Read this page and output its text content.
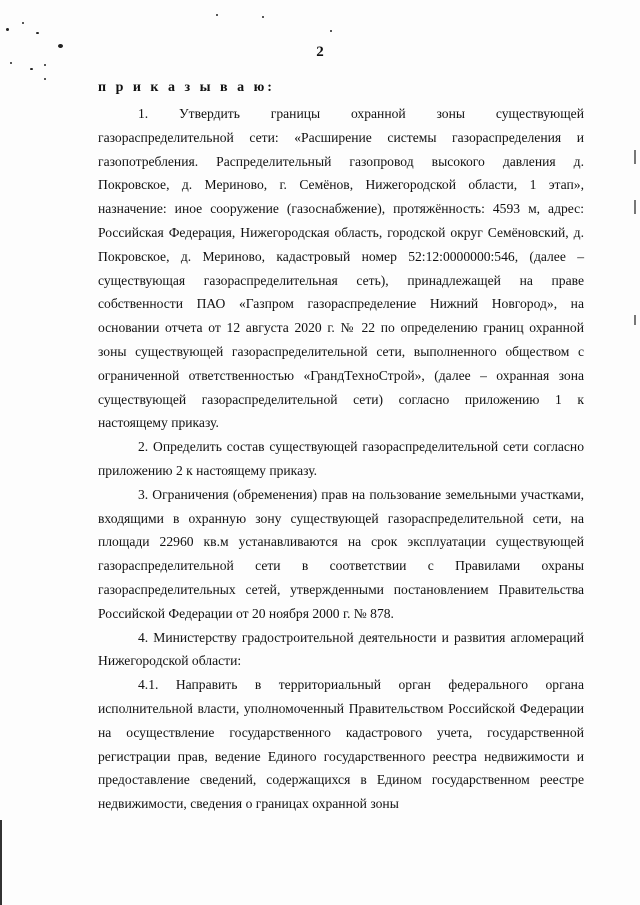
2
п р и к а з ы в а ю:

1. Утвердить границы охранной зоны существующей газораспределительной сети: «Расширение системы газораспределения и газопотребления. Распределительный газопровод высокого давления д. Покровское, д. Мериново, г. Семёнов, Нижегородской области, 1 этап», назначение: иное сооружение (газоснабжение), протяжённость: 4593 м, адрес: Российская Федерация, Нижегородская область, городской округ Семёновский, д. Покровское, д. Мериново, кадастровый номер 52:12:0000000:546, (далее – существующая газораспределительная сеть), принадлежащей на праве собственности ПАО «Газпром газораспределение Нижний Новгород», на основании отчета от 12 августа 2020 г. № 22 по определению границ охранной зоны существующей газораспределительной сети, выполненного обществом с ограниченной ответственностью «ГрандТехноСтрой», (далее – охранная зона существующей газораспределительной сети) согласно приложению 1 к настоящему приказу.

2. Определить состав существующей газораспределительной сети согласно приложению 2 к настоящему приказу.

3. Ограничения (обременения) прав на пользование земельными участками, входящими в охранную зону существующей газораспределительной сети, на площади 22960 кв.м устанавливаются на срок эксплуатации существующей газораспределительной сети в соответствии с Правилами охраны газораспределительных сетей, утвержденными постановлением Правительства Российской Федерации от 20 ноября 2000 г. № 878.

4. Министерству градостроительной деятельности и развития агломераций Нижегородской области:

4.1. Направить в территориальный орган федерального органа исполнительной власти, уполномоченный Правительством Российской Федерации на осуществление государственного кадастрового учета, государственной регистрации прав, ведение Единого государственного реестра недвижимости и предоставление сведений, содержащихся в Едином государственном реестре недвижимости, сведения о границах охранной зоны
